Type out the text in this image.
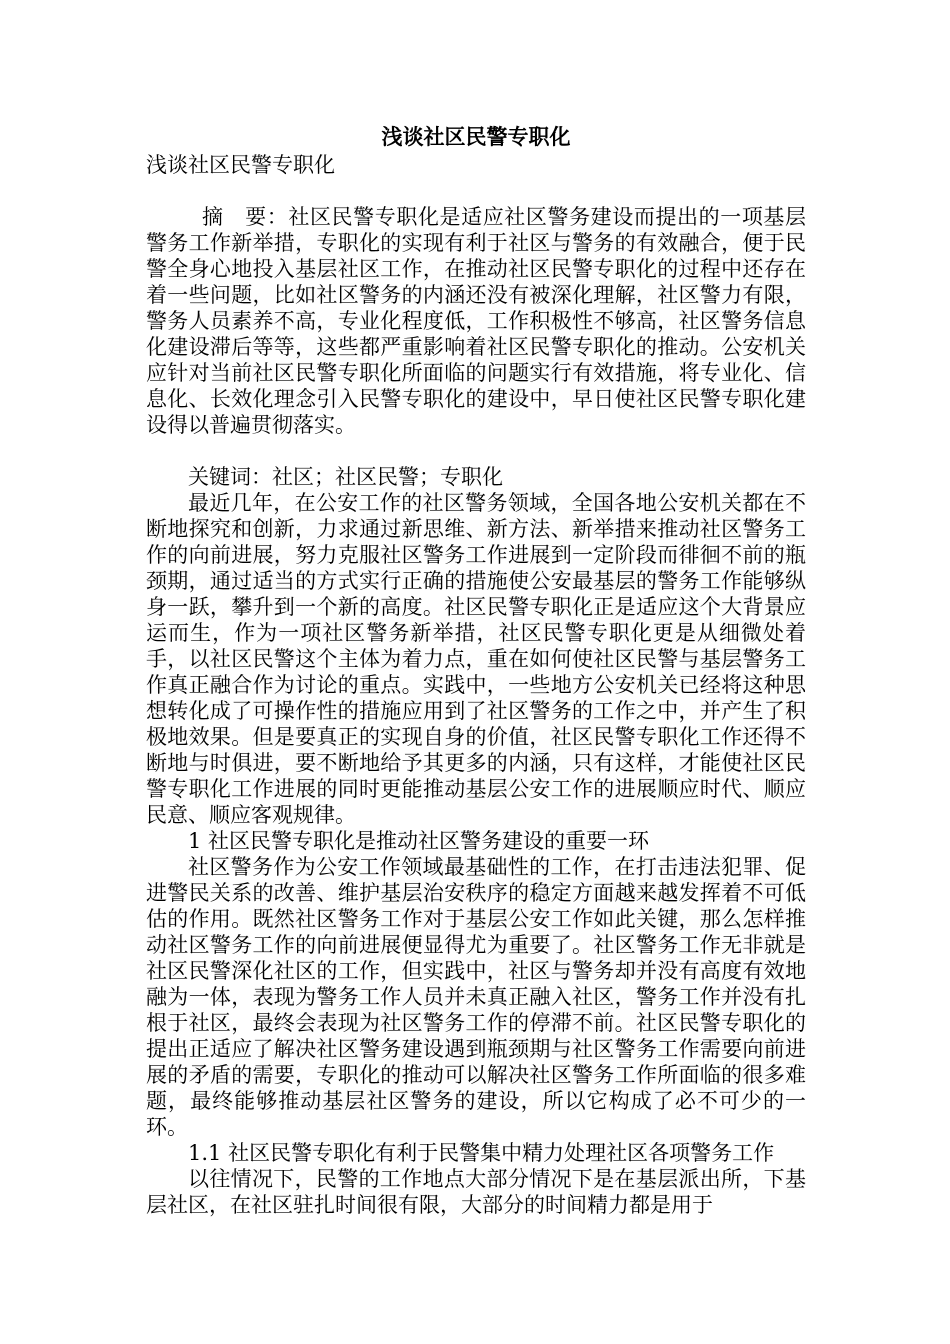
浅谈社区民警专职化

浅谈社区民警专职化

摘　要：社区民警专职化是适应社区警务建设而提出的一项基层警务工作新举措，专职化的实现有利于社区与警务的有效融合，便于民警全身心地投入基层社区工作，在推动社区民警专职化的过程中还存在着一些问题，比如社区警务的内涵还没有被深化理解，社区警力有限，警务人员素养不高，专业化程度低，工作积极性不够高，社区警务信息化建设滞后等等，这些都严重影响着社区民警专职化的推动。公安机关应针对当前社区民警专职化所面临的问题实行有效措施，将专业化、信息化、长效化理念引入民警专职化的建设中，早日使社区民警专职化建设得以普遍贯彻落实。

关键词：社区；社区民警；专职化

最近几年，在公安工作的社区警务领域，全国各地公安机关都在不断地探究和创新，力求通过新思维、新方法、新举措来推动社区警务工作的向前进展，努力克服社区警务工作进展到一定阶段而徘徊不前的瓶颈期，通过适当的方式实行正确的措施使公安最基层的警务工作能够纵身一跃，攀升到一个新的高度。社区民警专职化正是适应这个大背景应运而生，作为一项社区警务新举措，社区民警专职化更是从细微处着手，以社区民警这个主体为着力点，重在如何使社区民警与基层警务工作真正融合作为讨论的重点。实践中，一些地方公安机关已经将这种思想转化成了可操作性的措施应用到了社区警务的工作之中，并产生了积极地效果。但是要真正的实现自身的价值，社区民警专职化工作还得不断地与时俱进，要不断地给予其更多的内涵，只有这样，才能使社区民警专职化工作进展的同时更能推动基层公安工作的进展顺应时代、顺应民意、顺应客观规律。

1 社区民警专职化是推动社区警务建设的重要一环

社区警务作为公安工作领域最基础性的工作，在打击违法犯罪、促进警民关系的改善、维护基层治安秩序的稳定方面越来越发挥着不可低估的作用。既然社区警务工作对于基层公安工作如此关键，那么怎样推动社区警务工作的向前进展便显得尤为重要了。社区警务工作无非就是社区民警深化社区的工作，但实践中，社区与警务却并没有高度有效地融为一体，表现为警务工作人员并未真正融入社区，警务工作并没有扎根于社区，最终会表现为社区警务工作的停滞不前。社区民警专职化的提出正适应了解决社区警务建设遇到瓶颈期与社区警务工作需要向前进展的矛盾的需要，专职化的推动可以解决社区警务工作所面临的很多难题，最终能够推动基层社区警务的建设，所以它构成了必不可少的一环。

1.1 社区民警专职化有利于民警集中精力处理社区各项警务工作

以往情况下，民警的工作地点大部分情况下是在基层派出所，下基层社区，在社区驻扎时间很有限，大部分的时间精力都是用于
